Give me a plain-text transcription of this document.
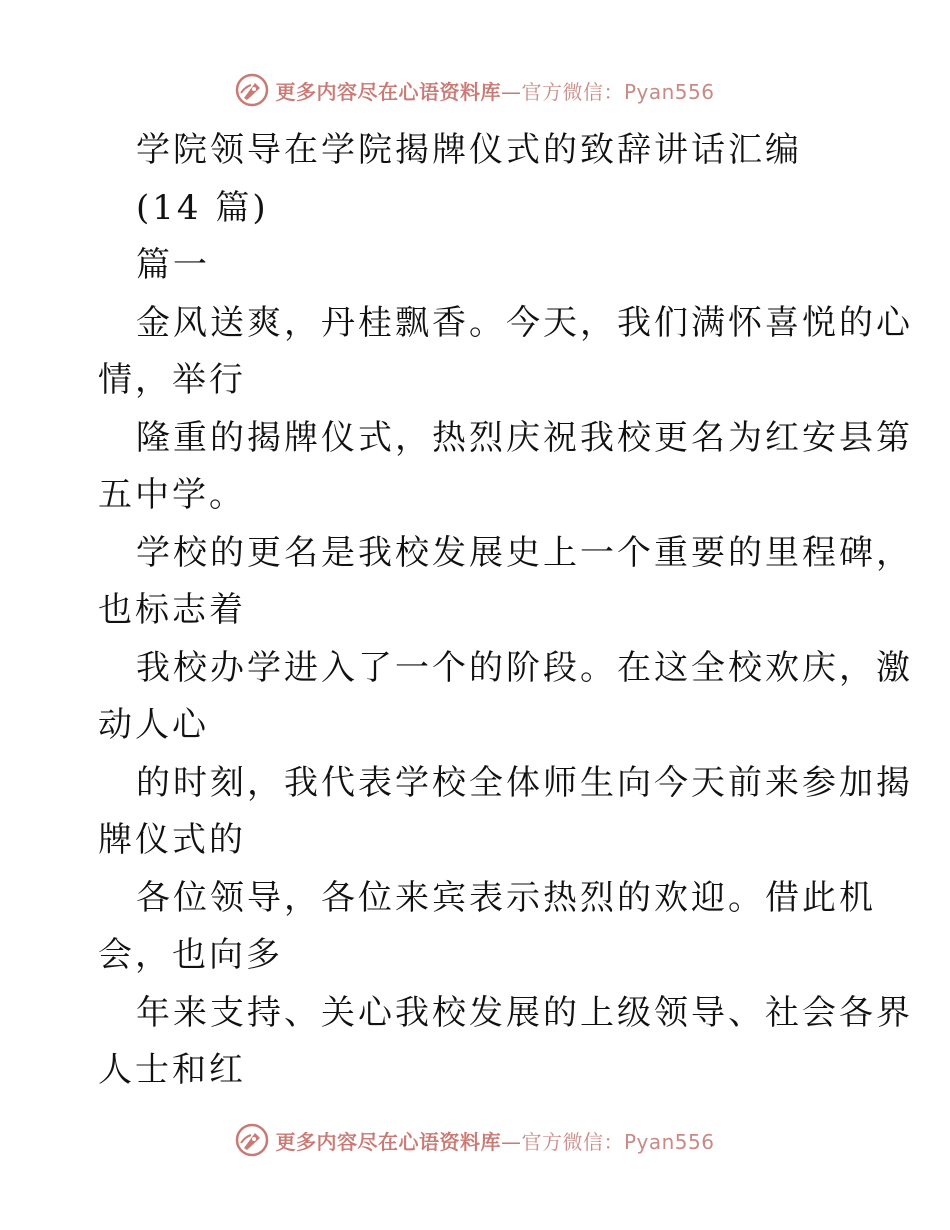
更多内容尽在心语资料库—官方微信：Pyan556
学院领导在学院揭牌仪式的致辞讲话汇编
(14 篇)
篇一
金风送爽，丹桂飘香。今天，我们满怀喜悦的心
情，举行
隆重的揭牌仪式，热烈庆祝我校更名为红安县第
五中学。
学校的更名是我校发展史上一个重要的里程碑，
也标志着
我校办学进入了一个的阶段。在这全校欢庆，激
动人心
的时刻，我代表学校全体师生向今天前来参加揭
牌仪式的
各位领导，各位来宾表示热烈的欢迎。借此机
会，也向多
年来支持、关心我校发展的上级领导、社会各界
人士和红
更多内容尽在心语资料库—官方微信：Pyan556
